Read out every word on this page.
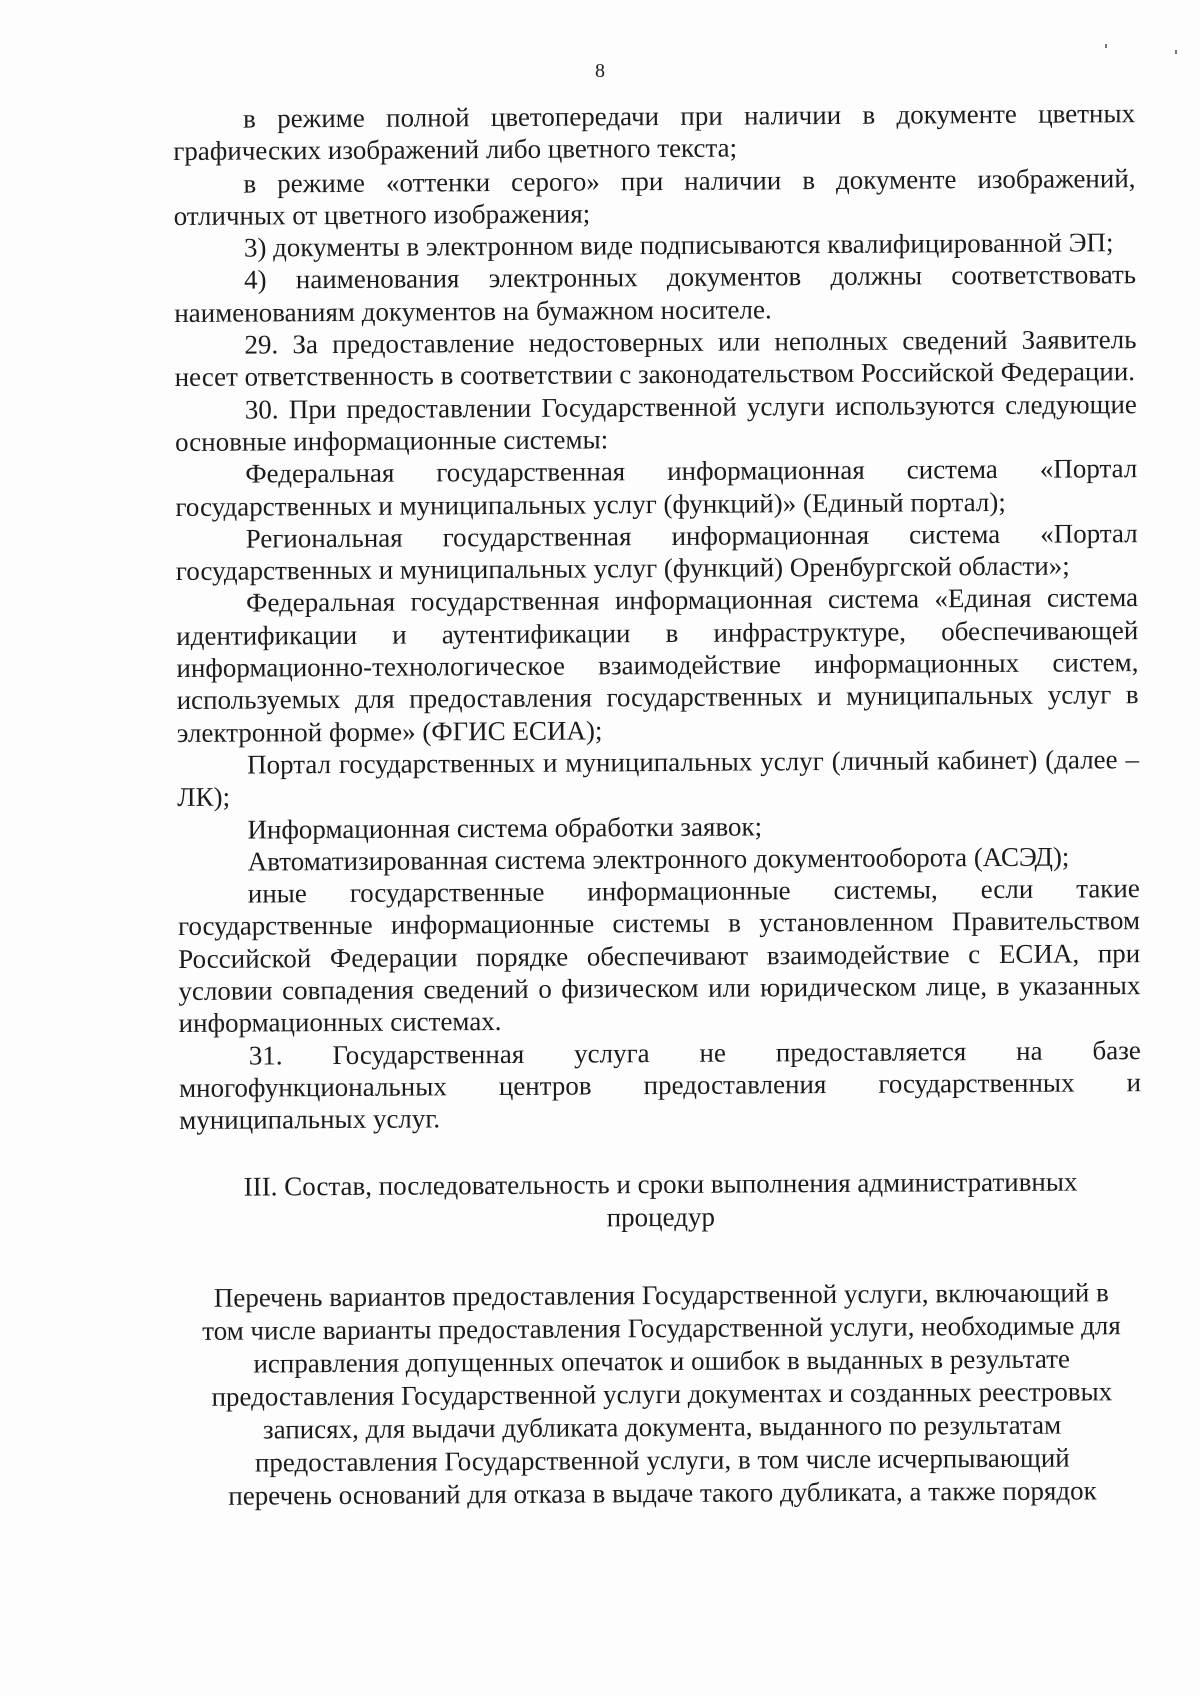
8

в режиме полной цветопередачи при наличии в документе цветных графических изображений либо цветного текста;

в режиме «оттенки серого» при наличии в документе изображений, отличных от цветного изображения;

3) документы в электронном виде подписываются квалифицированной ЭП;

4) наименования электронных документов должны соответствовать наименованиям документов на бумажном носителе.

29. За предоставление недостоверных или неполных сведений Заявитель несет ответственность в соответствии с законодательством Российской Федерации.

30. При предоставлении Государственной услуги используются следующие основные информационные системы:

Федеральная государственная информационная система «Портал государственных и муниципальных услуг (функций)» (Единый портал);

Региональная государственная информационная система «Портал государственных и муниципальных услуг (функций) Оренбургской области»;

Федеральная государственная информационная система «Единая система идентификации и аутентификации в инфраструктуре, обеспечивающей информационно-технологическое взаимодействие информационных систем, используемых для предоставления государственных и муниципальных услуг в электронной форме» (ФГИС ЕСИА);

Портал государственных и муниципальных услуг (личный кабинет) (далее – ЛК);

Информационная система обработки заявок;

Автоматизированная система электронного документооборота (АСЭД);

иные государственные информационные системы, если такие государственные информационные системы в установленном Правительством Российской Федерации порядке обеспечивают взаимодействие с ЕСИА, при условии совпадения сведений о физическом или юридическом лице, в указанных информационных системах.

31. Государственная услуга не предоставляется на базе многофункциональных центров предоставления государственных и муниципальных услуг.

III. Состав, последовательность и сроки выполнения административных
процедур
Перечень вариантов предоставления Государственной услуги, включающий в
том числе варианты предоставления Государственной услуги, необходимые для
исправления допущенных опечаток и ошибок в выданных в результате
предоставления Государственной услуги документах и созданных реестровых
записях, для выдачи дубликата документа, выданного по результатам
предоставления Государственной услуги, в том числе исчерпывающий
перечень оснований для отказа в выдаче такого дубликата, а также порядок
